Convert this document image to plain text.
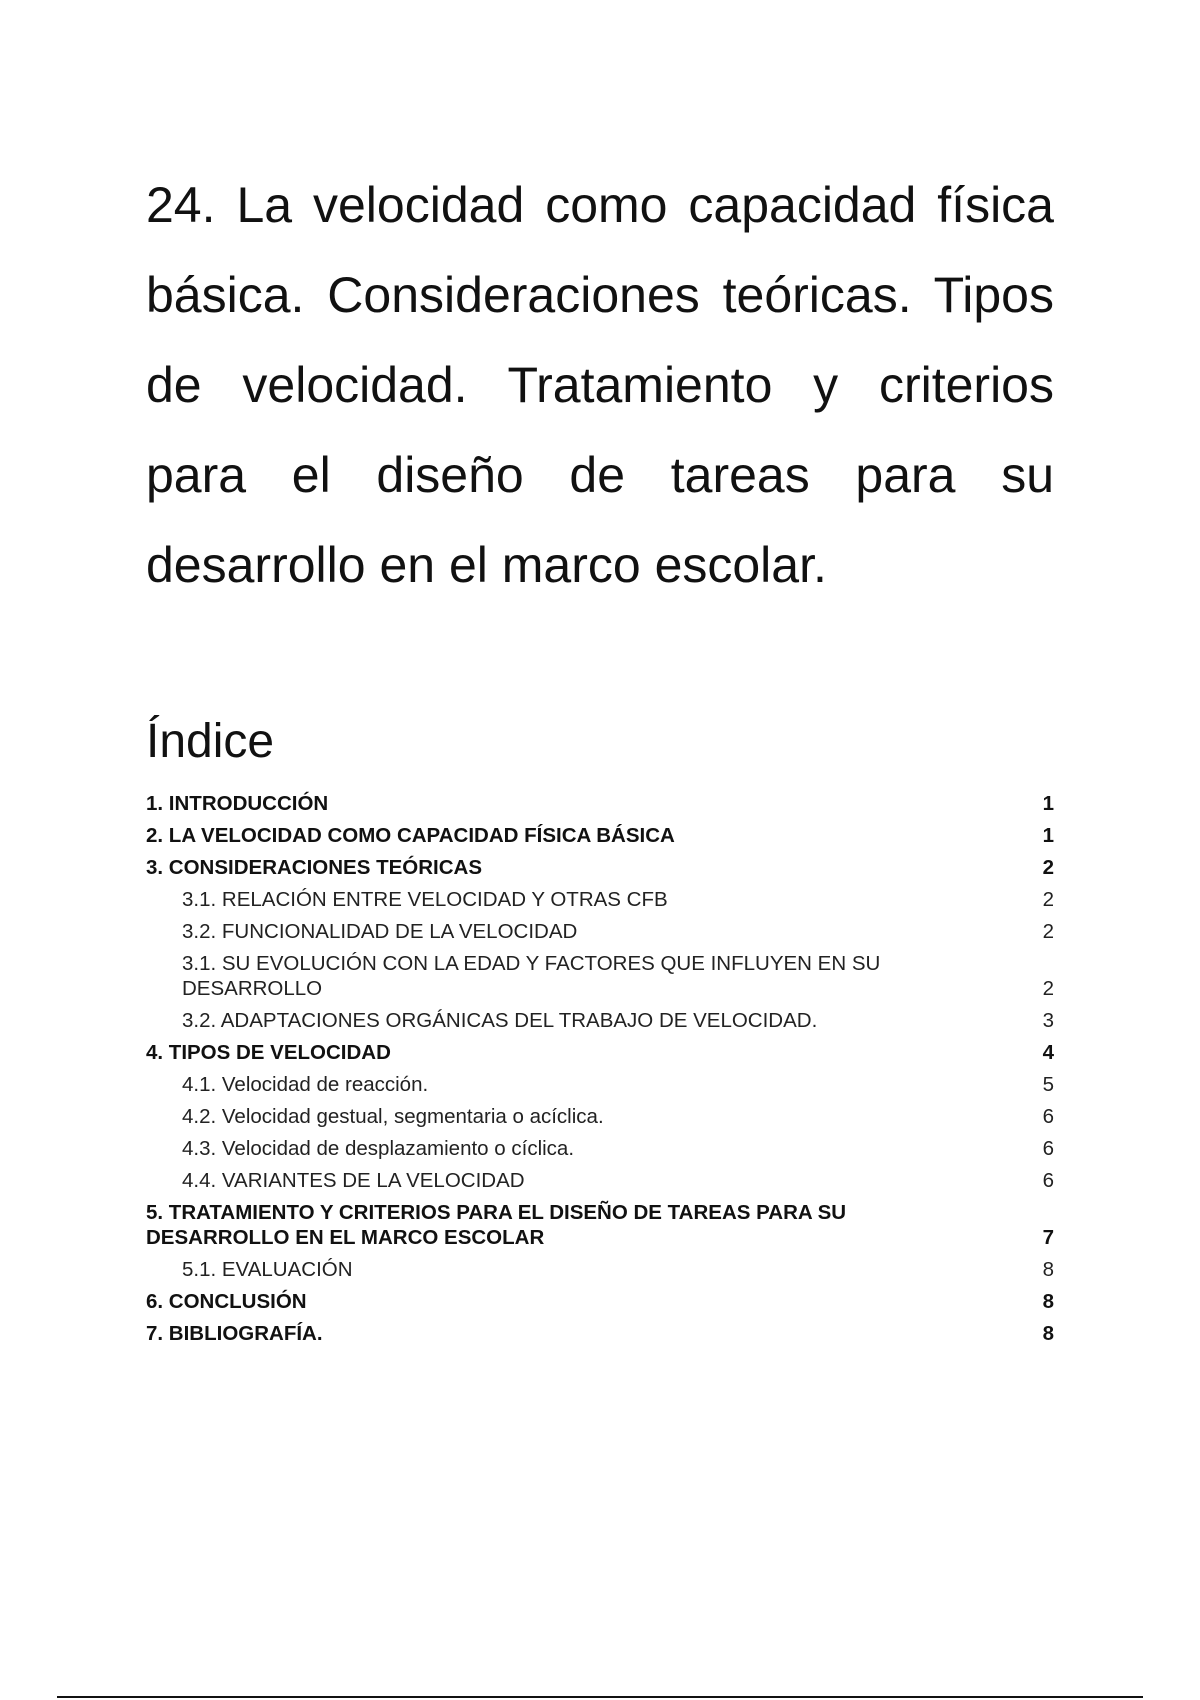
24. La velocidad como capacidad física básica. Consideraciones teóricas. Tipos de velocidad. Tratamiento y criterios para el diseño de tareas para su desarrollo en el marco escolar.
Índice
1. INTRODUCCIÓN	1
2. LA VELOCIDAD COMO CAPACIDAD FÍSICA BÁSICA	1
3. CONSIDERACIONES TEÓRICAS	2
3.1. RELACIÓN ENTRE VELOCIDAD Y OTRAS CFB	2
3.2. FUNCIONALIDAD DE LA VELOCIDAD	2
3.1. SU EVOLUCIÓN CON LA EDAD Y FACTORES QUE INFLUYEN EN SU DESARROLLO	2
3.2. ADAPTACIONES ORGÁNICAS DEL TRABAJO DE VELOCIDAD.	3
4. TIPOS DE VELOCIDAD	4
4.1. Velocidad de reacción.	5
4.2. Velocidad gestual, segmentaria o acíclica.	6
4.3. Velocidad de desplazamiento o cíclica.	6
4.4. VARIANTES DE LA VELOCIDAD	6
5. TRATAMIENTO Y CRITERIOS PARA EL DISEÑO DE TAREAS PARA SU DESARROLLO EN EL MARCO ESCOLAR	7
5.1. EVALUACIÓN	8
6. CONCLUSIÓN	8
7. BIBLIOGRAFÍA.	8
